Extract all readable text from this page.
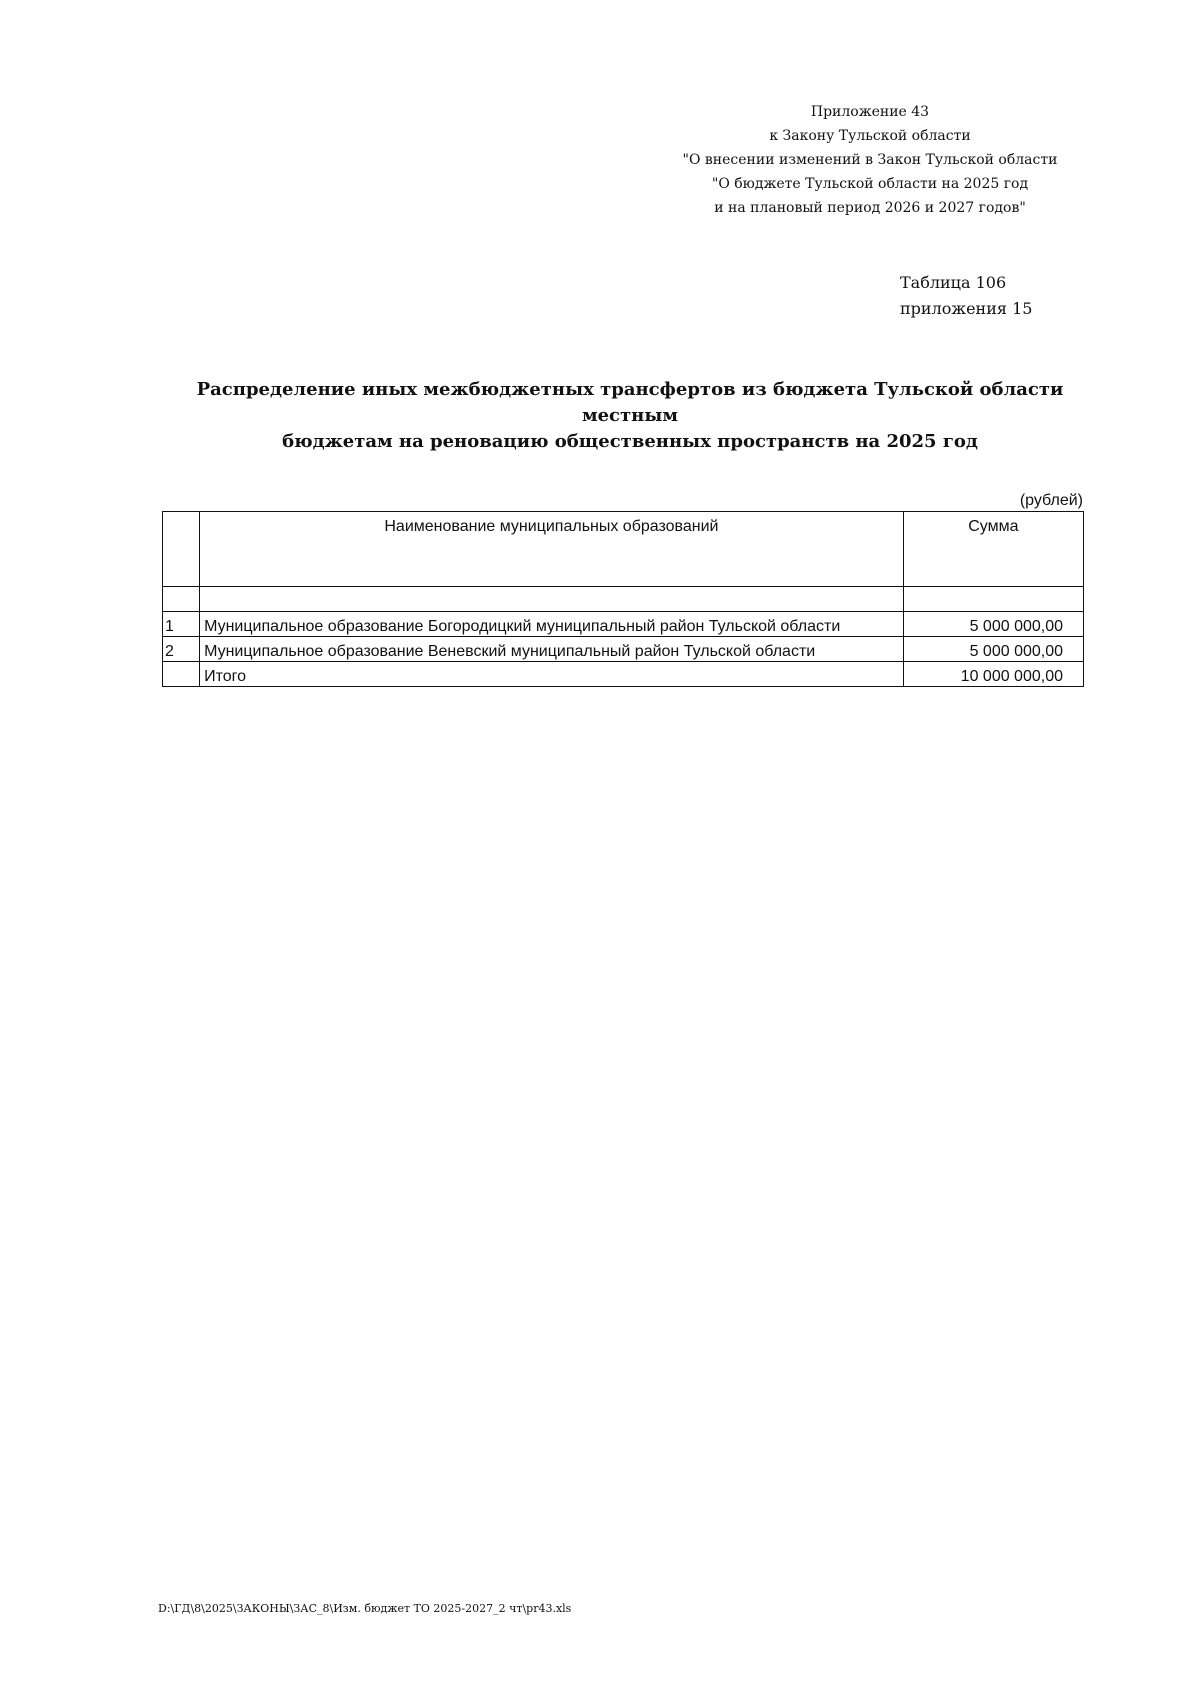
Приложение 43
к Закону Тульской области
"О внесении изменений в Закон Тульской области
"О бюджете Тульской области на 2025 год
и на плановый период 2026 и 2027 годов"
Таблица 106
приложения 15
Распределение иных межбюджетных трансфертов из бюджета Тульской области местным
бюджетам на реновацию общественных пространств на 2025 год
(рублей)
	Наименование муниципальных образований	Сумма

1	Муниципальное образование Богородицкий муниципальный район Тульской области	5 000 000,00
2	Муниципальное образование Веневский муниципальный район Тульской области	5 000 000,00
	Итого	10 000 000,00
D:\ГД\8\2025\ЗАКОНЫ\ЗАС_8\Изм. бюджет ТО 2025-2027_2 чт\pr43.xls
